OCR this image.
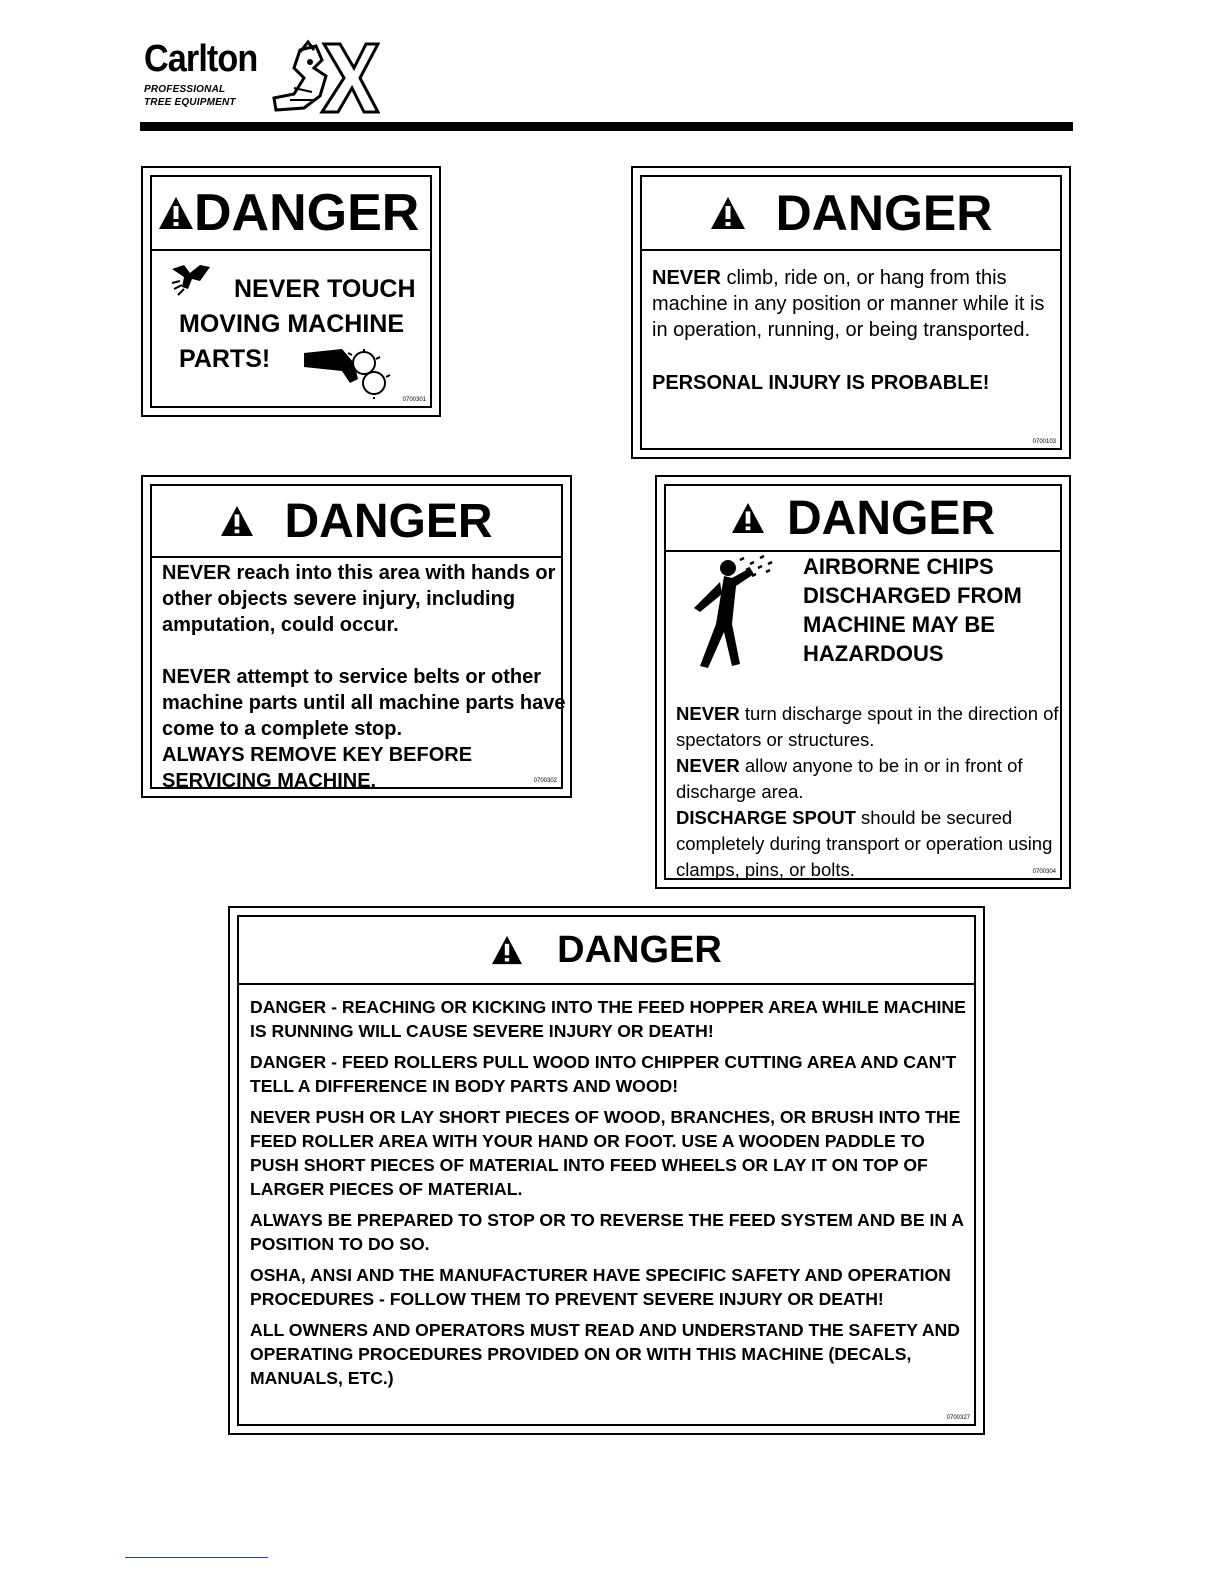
Carlton
PROFESSIONAL
TREE EQUIPMENT
DANGER
NEVER TOUCH
MOVING MACHINE
PARTS!
0700301
DANGER

NEVER climb, ride on, or hang from this machine in any position or manner while it is in operation, running, or being transported.

PERSONAL INJURY IS PROBABLE!

0700103
DANGER

NEVER reach into this area with hands or other objects severe injury, including amputation, could occur.

NEVER attempt to service belts or other machine parts until all machine parts have come to a complete stop.

ALWAYS REMOVE KEY BEFORE

SERVICING MACHINE.	0700302
DANGER

AIRBORNE CHIPS

DISCHARGED FROM

MACHINE MAY BE

HAZARDOUS

NEVER turn discharge spout in the direction of spectators or structures.

NEVER allow anyone to be in or in front of discharge area.

DISCHARGE SPOUT should be secured completely during transport or operation using clamps, pins, or bolts.	0700304
DANGER

DANGER - REACHING OR KICKING INTO THE FEED HOPPER AREA WHILE MACHINE IS RUNNING WILL CAUSE SEVERE INJURY OR DEATH!

DANGER - FEED ROLLERS PULL WOOD INTO CHIPPER CUTTING AREA AND CAN'T TELL A DIFFERENCE IN BODY PARTS AND WOOD!

NEVER PUSH OR LAY SHORT PIECES OF WOOD, BRANCHES, OR BRUSH INTO THE FEED ROLLER AREA WITH YOUR HAND OR FOOT. USE A WOODEN PADDLE TO PUSH SHORT PIECES OF MATERIAL INTO FEED WHEELS OR LAY IT ON TOP OF LARGER PIECES OF MATERIAL.

ALWAYS BE PREPARED TO STOP OR TO REVERSE THE FEED SYSTEM AND BE IN A POSITION TO DO SO.

OSHA, ANSI AND THE MANUFACTURER HAVE SPECIFIC SAFETY AND OPERATION PROCEDURES - FOLLOW THEM TO PREVENT SEVERE INJURY OR DEATH!

ALL OWNERS AND OPERATORS MUST READ AND UNDERSTAND THE SAFETY AND OPERATING PROCEDURES PROVIDED ON OR WITH THIS MACHINE (DECALS, MANUALS, ETC.)

0700327
